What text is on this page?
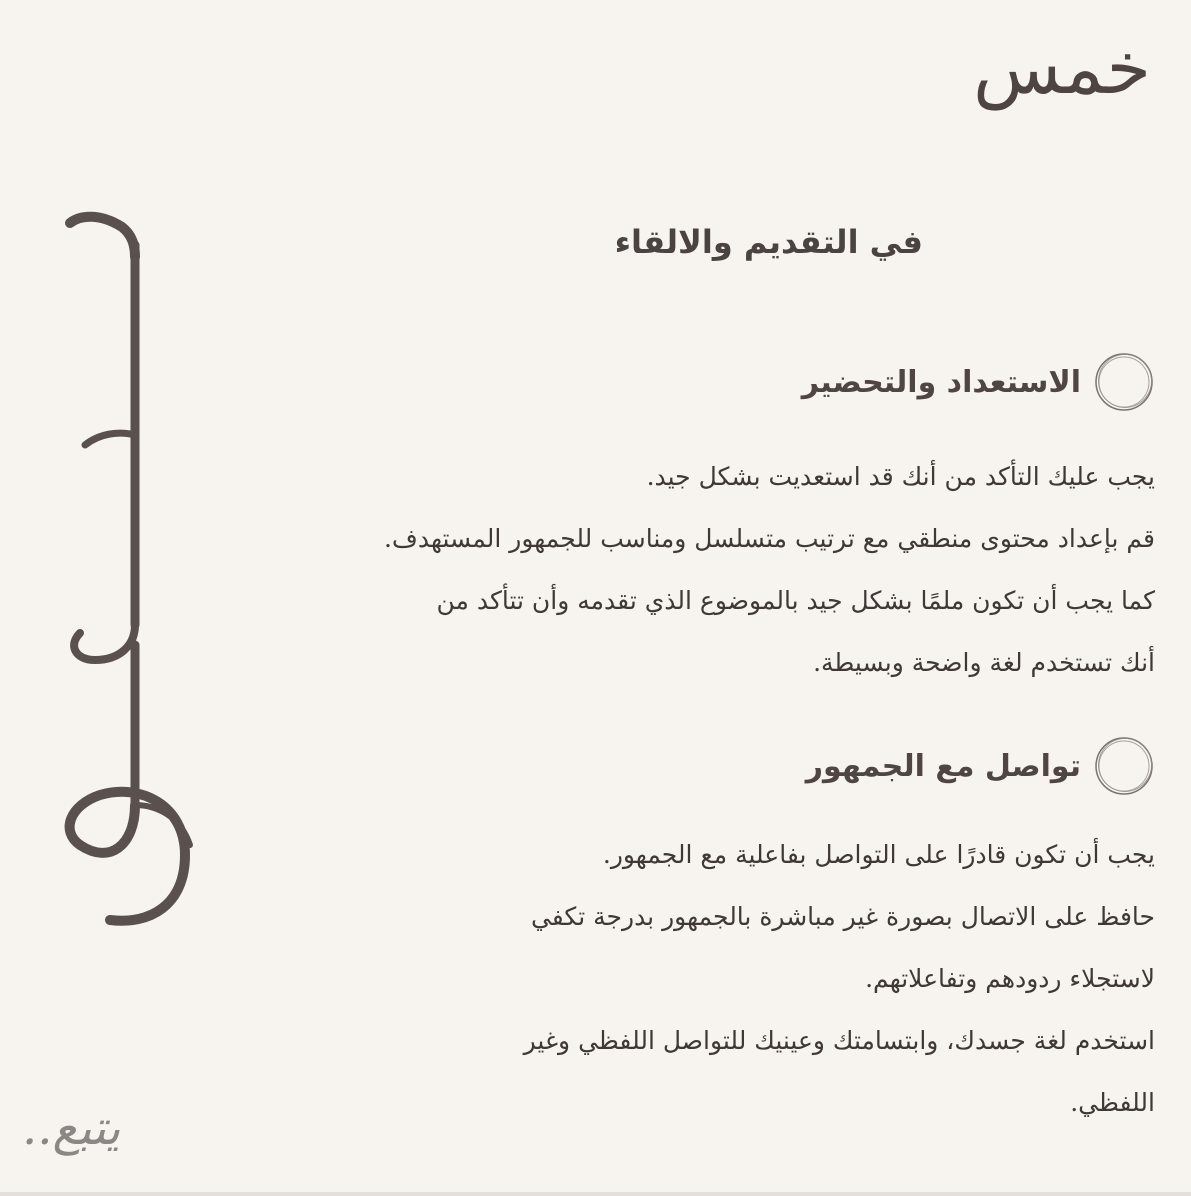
خمس
في التقديم والالقاء
الاستعداد والتحضير
يجب عليك التأكد من أنك قد استعديت بشكل جيد.
قم بإعداد محتوى منطقي مع ترتيب متسلسل ومناسب للجمهور المستهدف.
كما يجب أن تكون ملمًا بشكل جيد بالموضوع الذي تقدمه وأن تتأكد من
أنك تستخدم لغة واضحة وبسيطة.
تواصل مع الجمهور
يجب أن تكون قادرًا على التواصل بفاعلية مع الجمهور.
حافظ على الاتصال بصورة غير مباشرة بالجمهور بدرجة تكفي
لاستجلاء ردودهم وتفاعلاتهم.
استخدم لغة جسدك، وابتسامتك وعينيك للتواصل اللفظي وغير
اللفظي.
يتبع..
